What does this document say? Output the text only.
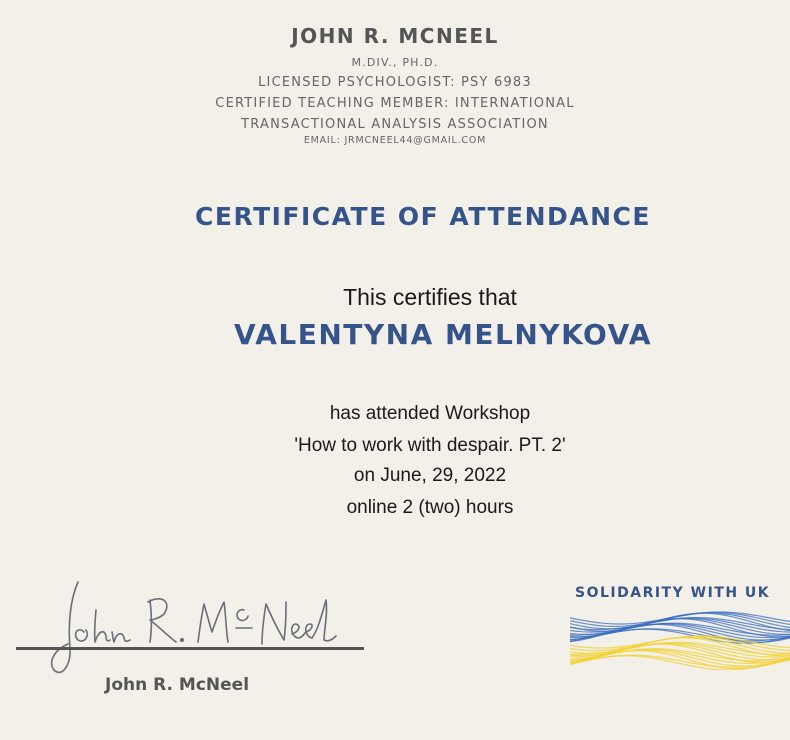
JOHN R. MCNEEL
M.DIV., PH.D.
LICENSED PSYCHOLOGIST: PSY 6983
CERTIFIED TEACHING MEMBER: INTERNATIONAL
TRANSACTIONAL ANALYSIS ASSOCIATION
EMAIL: JRMCNEEL44@GMAIL.COM
CERTIFICATE OF ATTENDANCE
This certifies that
VALENTYNA MELNYKOVA
has attended Workshop
'How to work with despair. PT. 2'
on June, 29, 2022
online 2 (two) hours
John R. McNeel
SOLIDARITY WITH UK
